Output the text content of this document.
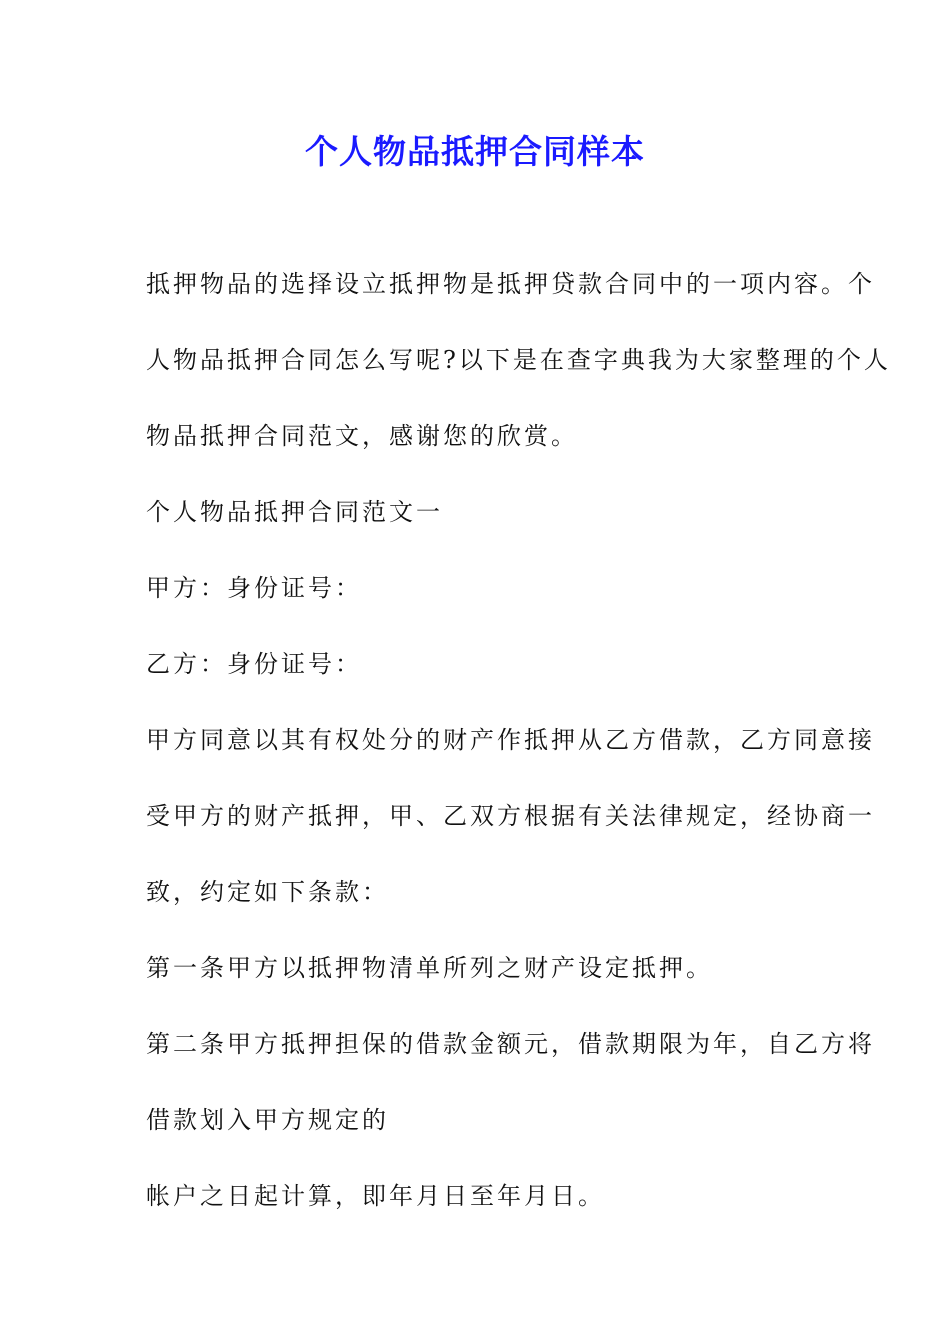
个人物品抵押合同样本
抵押物品的选择设立抵押物是抵押贷款合同中的一项内容。个
人物品抵押合同怎么写呢?以下是在查字典我为大家整理的个人
物品抵押合同范文，感谢您的欣赏。
个人物品抵押合同范文一
甲方：身份证号：
乙方：身份证号：
甲方同意以其有权处分的财产作抵押从乙方借款，乙方同意接
受甲方的财产抵押，甲、乙双方根据有关法律规定，经协商一
致，约定如下条款：
第一条甲方以抵押物清单所列之财产设定抵押。
第二条甲方抵押担保的借款金额元，借款期限为年，自乙方将
借款划入甲方规定的
帐户之日起计算，即年月日至年月日。
